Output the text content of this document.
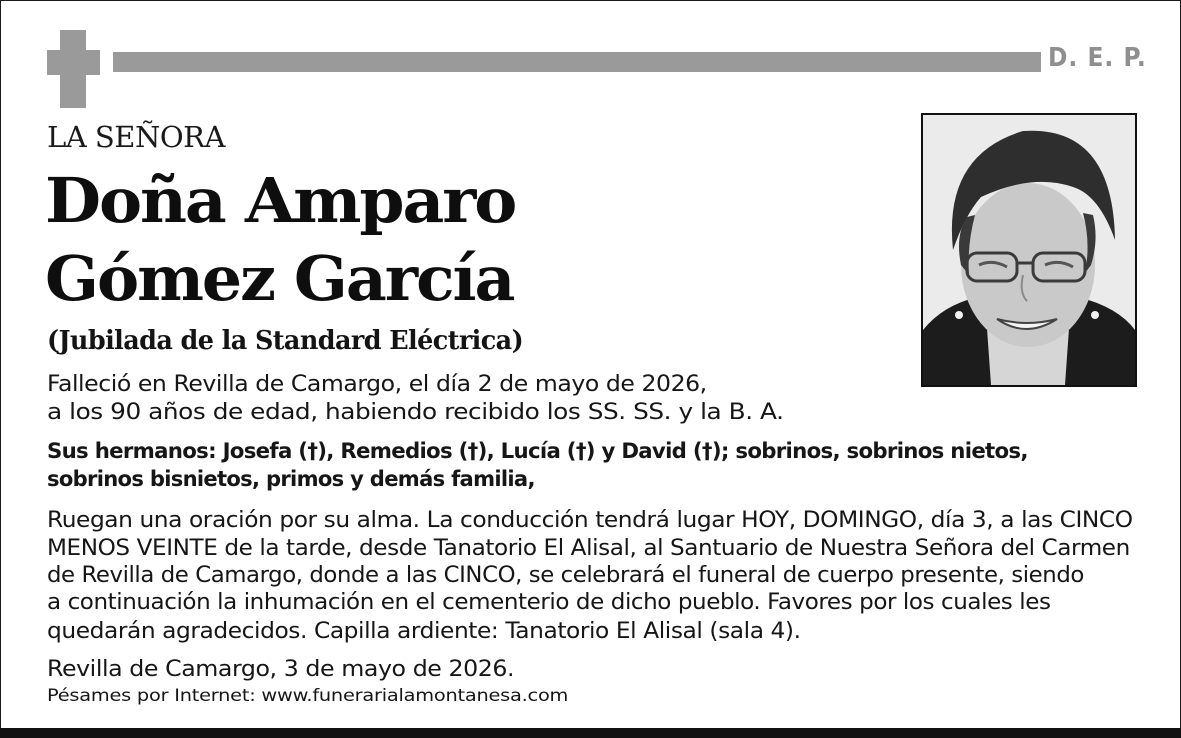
D. E. P.
LA SEÑORA
Doña Amparo
Gómez García
(Jubilada de la Standard Eléctrica)
Falleció en Revilla de Camargo, el día 2 de mayo de 2026,
a los 90 años de edad, habiendo recibido los SS. SS. y la B. A.
Sus hermanos: Josefa (†), Remedios (†), Lucía (†) y David (†); sobrinos, sobrinos nietos,
sobrinos bisnietos, primos y demás familia,
Ruegan una oración por su alma. La conducción tendrá lugar HOY, DOMINGO, día 3, a las CINCO
MENOS VEINTE de la tarde, desde Tanatorio El Alisal, al Santuario de Nuestra Señora del Carmen
de Revilla de Camargo, donde a las CINCO, se celebrará el funeral de cuerpo presente, siendo
a continuación la inhumación en el cementerio de dicho pueblo. Favores por los cuales les
quedarán agradecidos. Capilla ardiente: Tanatorio El Alisal (sala 4).
Revilla de Camargo, 3 de mayo de 2026.
Pésames por Internet: www.funerarialamontanesa.com
